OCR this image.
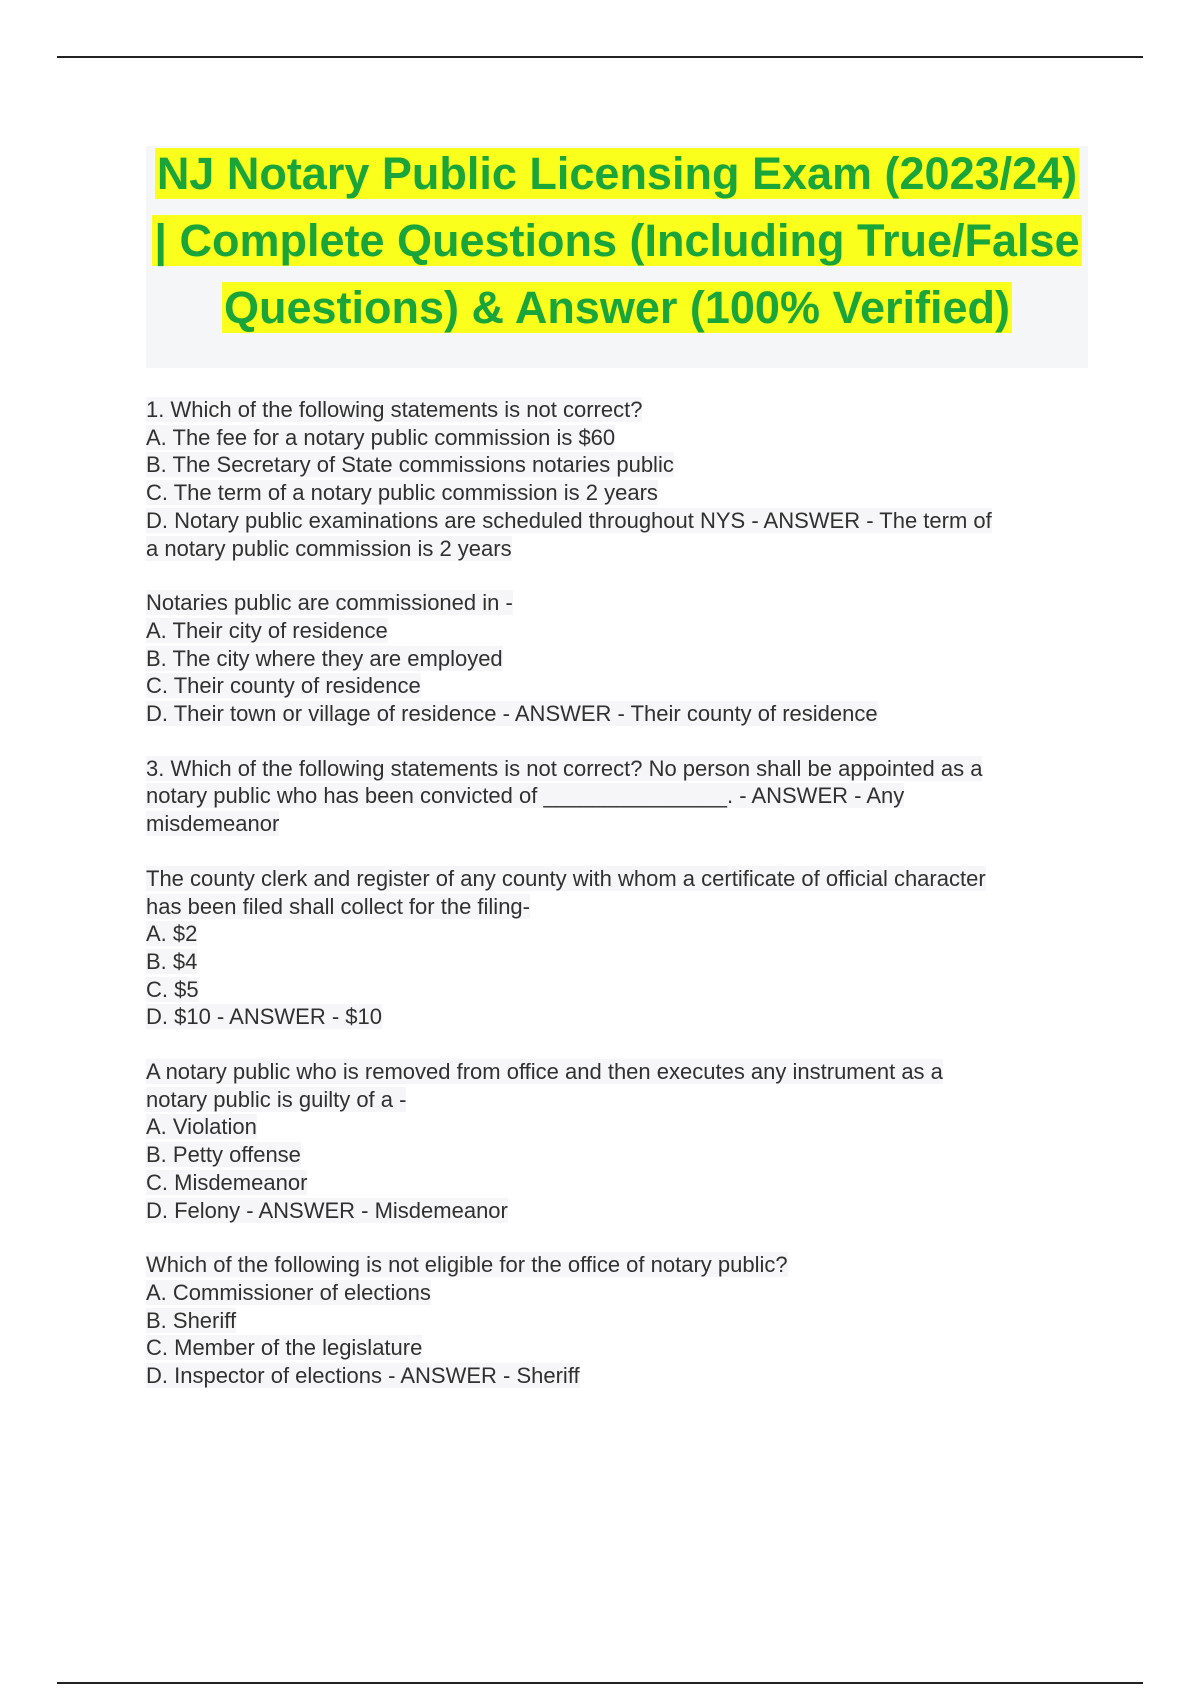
NJ Notary Public Licensing Exam (2023/24) | Complete Questions (Including True/False Questions) & Answer (100% Verified)
1. Which of the following statements is not correct?
A. The fee for a notary public commission is $60
B. The Secretary of State commissions notaries public
C. The term of a notary public commission is 2 years
D. Notary public examinations are scheduled throughout NYS - ANSWER - The term of
a notary public commission is 2 years
Notaries public are commissioned in -
A. Their city of residence
B. The city where they are employed
C. Their county of residence
D. Their town or village of residence - ANSWER - Their county of residence
3. Which of the following statements is not correct? No person shall be appointed as a
notary public who has been convicted of _______________. - ANSWER - Any
misdemeanor
The county clerk and register of any county with whom a certificate of official character
has been filed shall collect for the filing-
A. $2
B. $4
C. $5
D. $10 - ANSWER - $10
A notary public who is removed from office and then executes any instrument as a
notary public is guilty of a -
A. Violation
B. Petty offense
C. Misdemeanor
D. Felony - ANSWER - Misdemeanor
Which of the following is not eligible for the office of notary public?
A. Commissioner of elections
B. Sheriff
C. Member of the legislature
D. Inspector of elections - ANSWER - Sheriff
